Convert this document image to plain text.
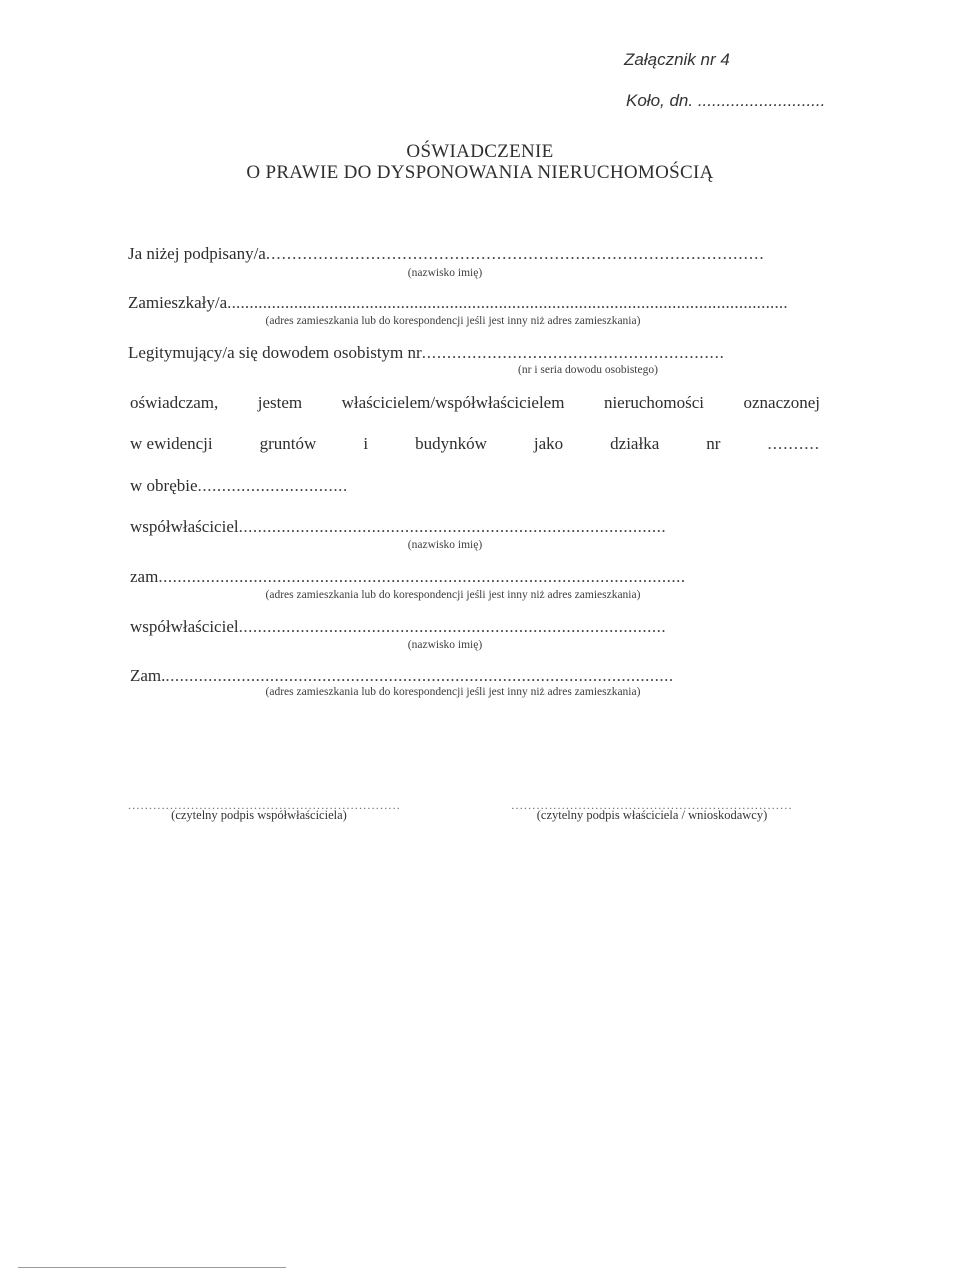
Załącznik nr 4
Koło, dn. ...........................
OŚWIADCZENIE
O PRAWIE DO DYSPONOWANIA NIERUCHOMOŚCIĄ
Ja niżej podpisany/a...............................................................................................
(nazwisko imię)
Zamieszkały/a..............................................................................................................................
(adres zamieszkania lub do korespondencji jeśli jest inny niż adres zamieszkania)
Legitymujący/a się dowodem osobistym nr............................................................
(nr i seria dowodu osobistego)
oświadczam, jestem właścicielem/współwłaścicielem nieruchomości oznaczonej
w ewidencji	gruntów	i	budynków	jako	działka	nr	..........
w obrębie...............................
współwłaściciel..........................................................................................
(nazwisko imię)
zam...............................................................................................................
(adres zamieszkania lub do korespondencji jeśli jest inny niż adres zamieszkania)
współwłaściciel..........................................................................................
(nazwisko imię)
Zam............................................................................................................
(adres zamieszkania lub do korespondencji jeśli jest inny niż adres zamieszkania)
.................................................................
(czytelny podpis współwłaściciela)
...................................................................
(czytelny podpis właściciela / wnioskodawcy)
